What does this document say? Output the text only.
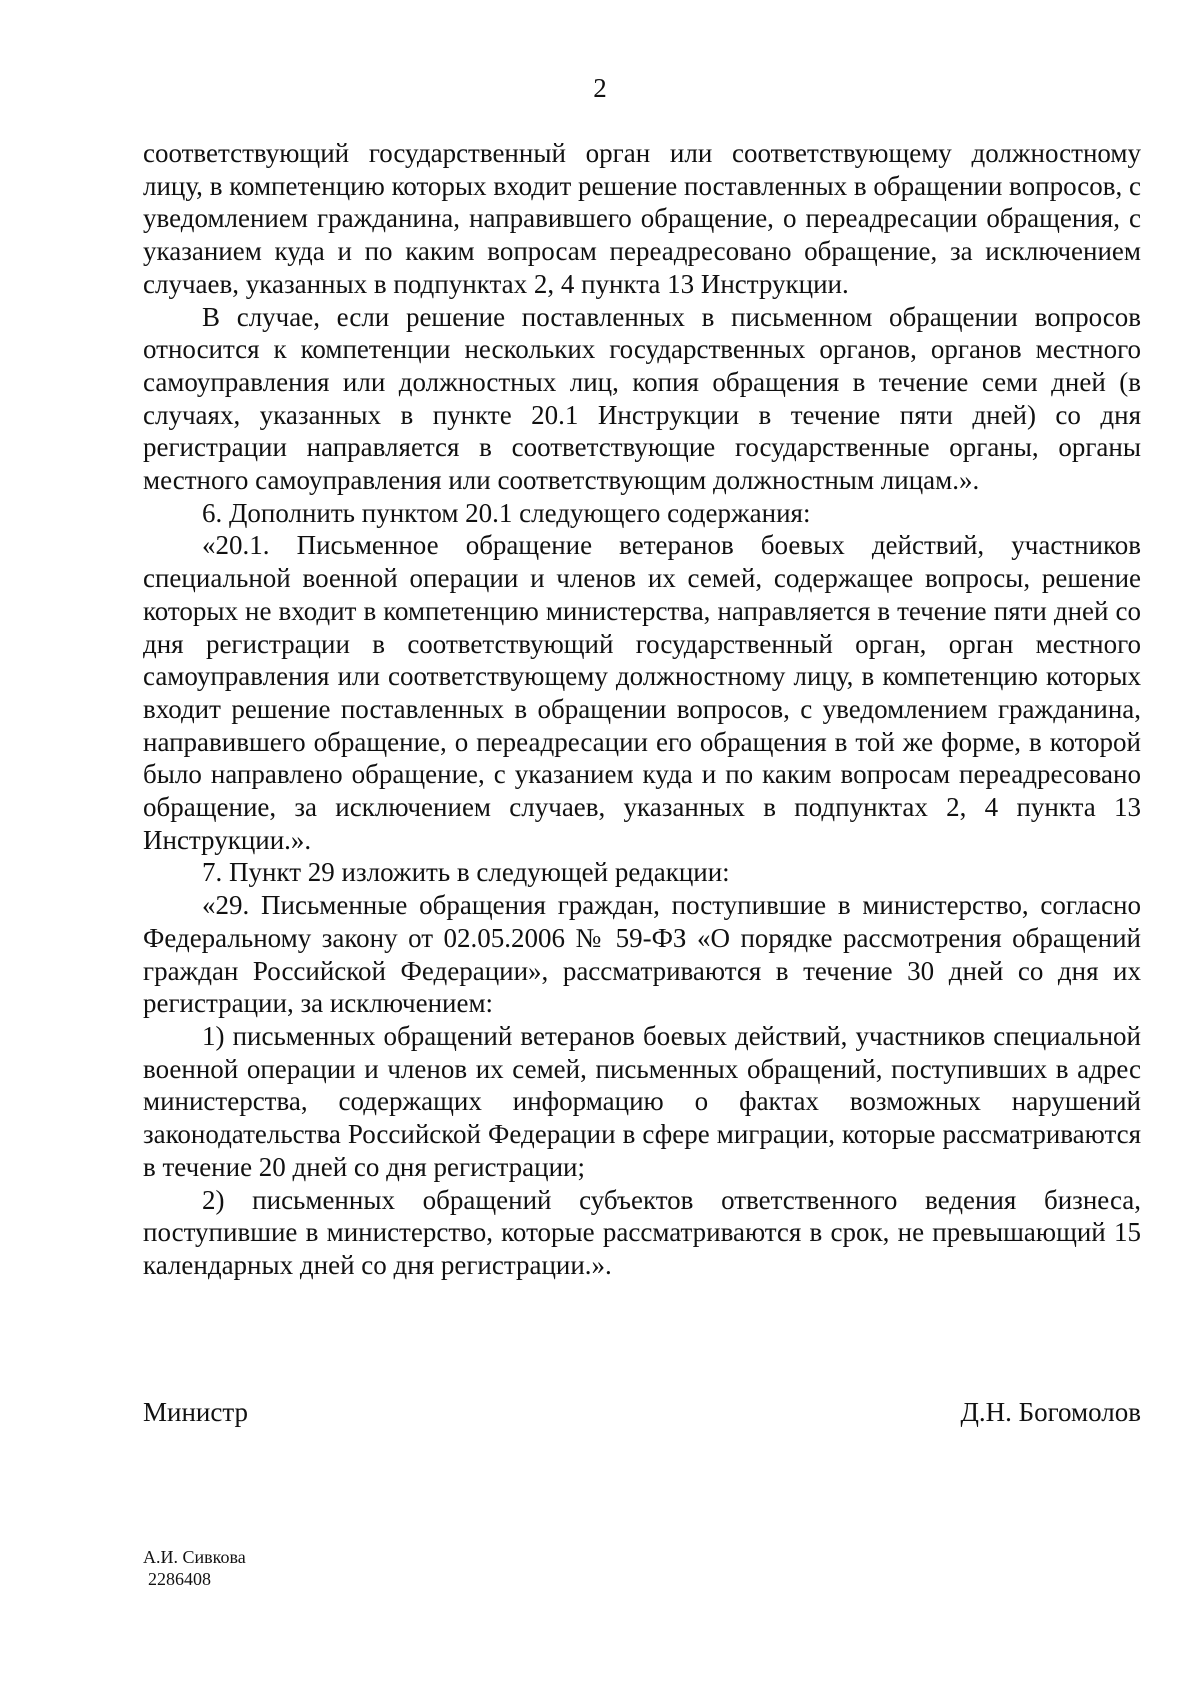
2

соответствующий государственный орган или соответствующему должностному лицу, в компетенцию которых входит решение поставленных в обращении вопросов, с уведомлением гражданина, направившего обращение, о переадресации обращения, с указанием куда и по каким вопросам переадресовано обращение, за исключением случаев, указанных в подпунктах 2, 4 пункта 13 Инструкции.

В случае, если решение поставленных в письменном обращении вопросов относится к компетенции нескольких государственных органов, органов местного самоуправления или должностных лиц, копия обращения в течение семи дней (в случаях, указанных в пункте 20.1 Инструкции в течение пяти дней) со дня регистрации направляется в соответствующие государственные органы, органы местного самоуправления или соответствующим должностным лицам.».

6. Дополнить пунктом 20.1 следующего содержания:

«20.1. Письменное обращение ветеранов боевых действий, участников специальной военной операции и членов их семей, содержащее вопросы, решение которых не входит в компетенцию министерства, направляется в течение пяти дней со дня регистрации в соответствующий государственный орган, орган местного самоуправления или соответствующему должностному лицу, в компетенцию которых входит решение поставленных в обращении вопросов, с уведомлением гражданина, направившего обращение, о переадресации его обращения в той же форме, в которой было направлено обращение, с указанием куда и по каким вопросам переадресовано обращение, за исключением случаев, указанных в подпунктах 2, 4 пункта 13 Инструкции.».

7. Пункт 29 изложить в следующей редакции:

«29. Письменные обращения граждан, поступившие в министерство, согласно Федеральному закону от 02.05.2006 № 59-ФЗ «О порядке рассмотрения обращений граждан Российской Федерации», рассматриваются в течение 30 дней со дня их регистрации, за исключением:

1) письменных обращений ветеранов боевых действий, участников специальной военной операции и членов их семей, письменных обращений, поступивших в адрес министерства, содержащих информацию о фактах возможных нарушений законодательства Российской Федерации в сфере миграции, которые рассматриваются в течение 20 дней со дня регистрации;

2) письменных обращений субъектов ответственного ведения бизнеса, поступившие в министерство, которые рассматриваются в срок, не превышающий 15 календарных дней со дня регистрации.».

Министр	Д.Н. Богомолов
А.И. Сивкова
2286408
